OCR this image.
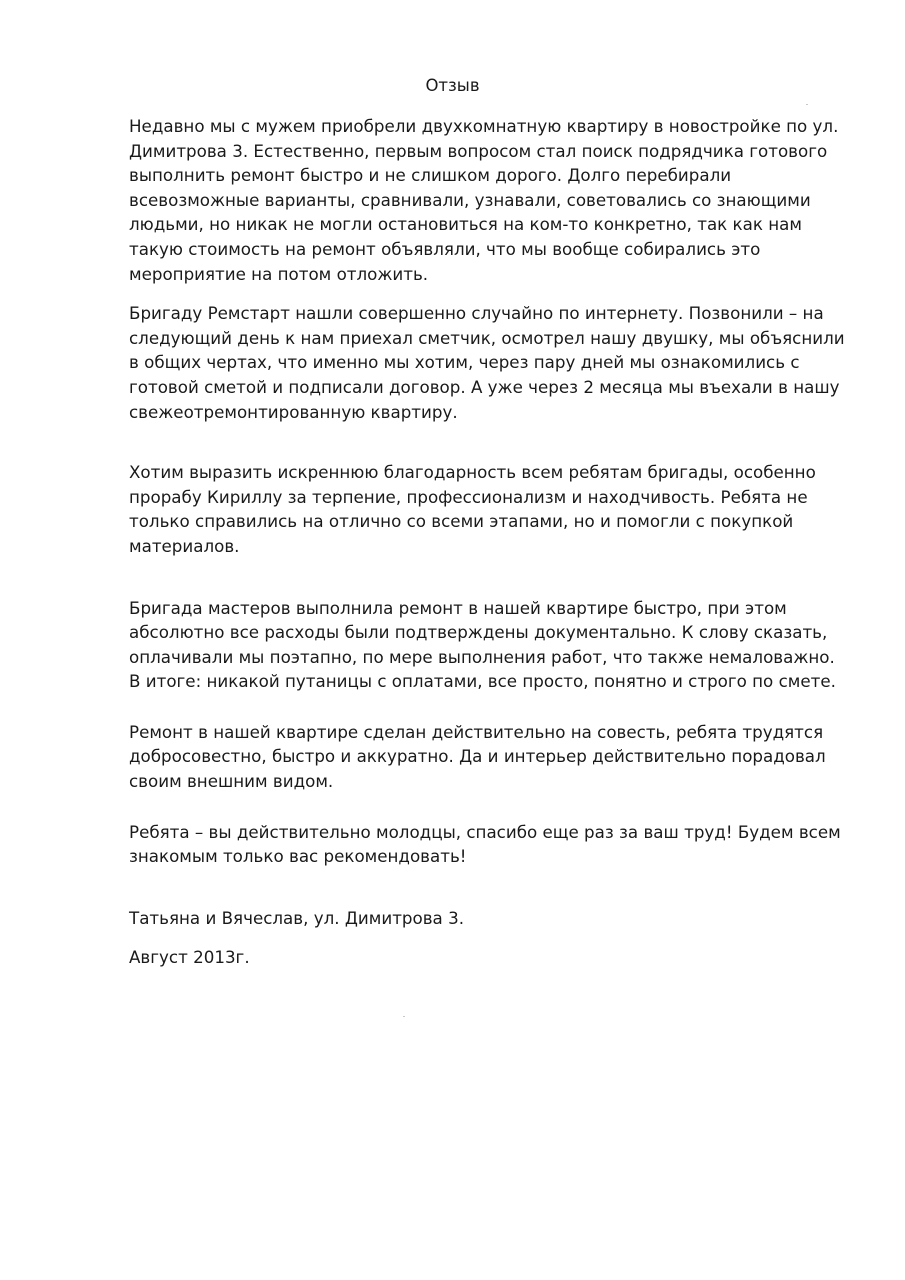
Отзыв

Недавно мы с мужем приобрели двухкомнатную квартиру в новостройке по ул. Димитрова 3. Естественно, первым вопросом стал поиск подрядчика готового выполнить ремонт быстро и не слишком дорого. Долго перебирали всевозможные варианты, сравнивали, узнавали, советовались со знающими людьми, но никак не могли остановиться на ком-то конкретно, так как нам такую стоимость на ремонт объявляли, что мы вообще собирались это мероприятие на потом отложить.

Бригаду Ремстарт нашли совершенно случайно по интернету. Позвонили – на следующий день к нам приехал сметчик, осмотрел нашу двушку, мы объяснили в общих чертах, что именно мы хотим, через пару дней мы ознакомились с готовой сметой и подписали договор. А уже через 2 месяца мы въехали в нашу свежеотремонтированную квартиру.

Хотим выразить искреннюю благодарность всем ребятам бригады, особенно прорабу Кириллу за терпение, профессионализм и находчивость. Ребята не только справились на отлично со всеми этапами, но и помогли с покупкой материалов.

Бригада мастеров выполнила ремонт в нашей квартире быстро, при этом абсолютно все расходы были подтверждены документально. К слову сказать, оплачивали мы поэтапно, по мере выполнения работ, что также немаловажно. В итоге: никакой путаницы с оплатами, все просто, понятно и строго по смете.

Ремонт в нашей квартире сделан действительно на совесть, ребята трудятся добросовестно, быстро и аккуратно. Да и интерьер действительно порадовал своим внешним видом.

Ребята – вы действительно молодцы, спасибо еще раз за ваш труд! Будем всем знакомым только вас рекомендовать!

Татьяна и Вячеслав, ул. Димитрова 3.

Август 2013г.
